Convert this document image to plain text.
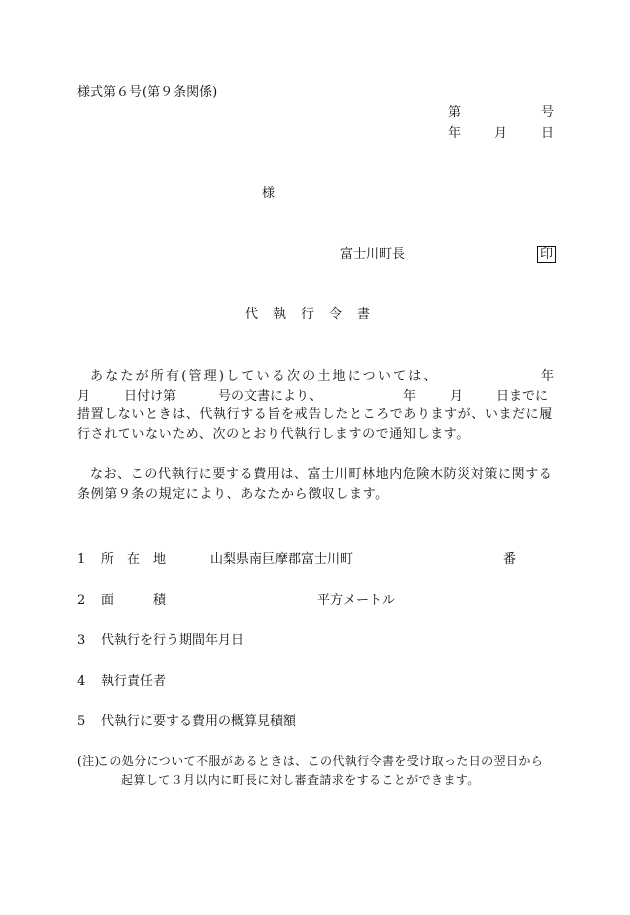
様式第６号(第９条関係)
第	号
年	月	日
様
富士川町長	印
代　執　行　令　書
あなたが所有(管理)している次の土地については、	年
月	日付け第	号の文書により、	年	月	日までに
措置しないときは、代執行する旨を戒告したところでありますが、いまだに履行されていないため、次のとおり代執行しますので通知します。
なお、この代執行に要する費用は、富士川町林地内危険木防災対策に関する条例第９条の規定により、あなたから徴収します。
1 所　在　地	山梨県南巨摩郡富士川町	番
2 面　　　積	平方メートル
3 代執行を行う期間年月日
4 執行責任者
5 代執行に要する費用の概算見積額
(注)
この処分について不服があるときは、この代執行令書を受け取った日の翌日から起算して３月以内に町長に対し審査請求をすることができます。
